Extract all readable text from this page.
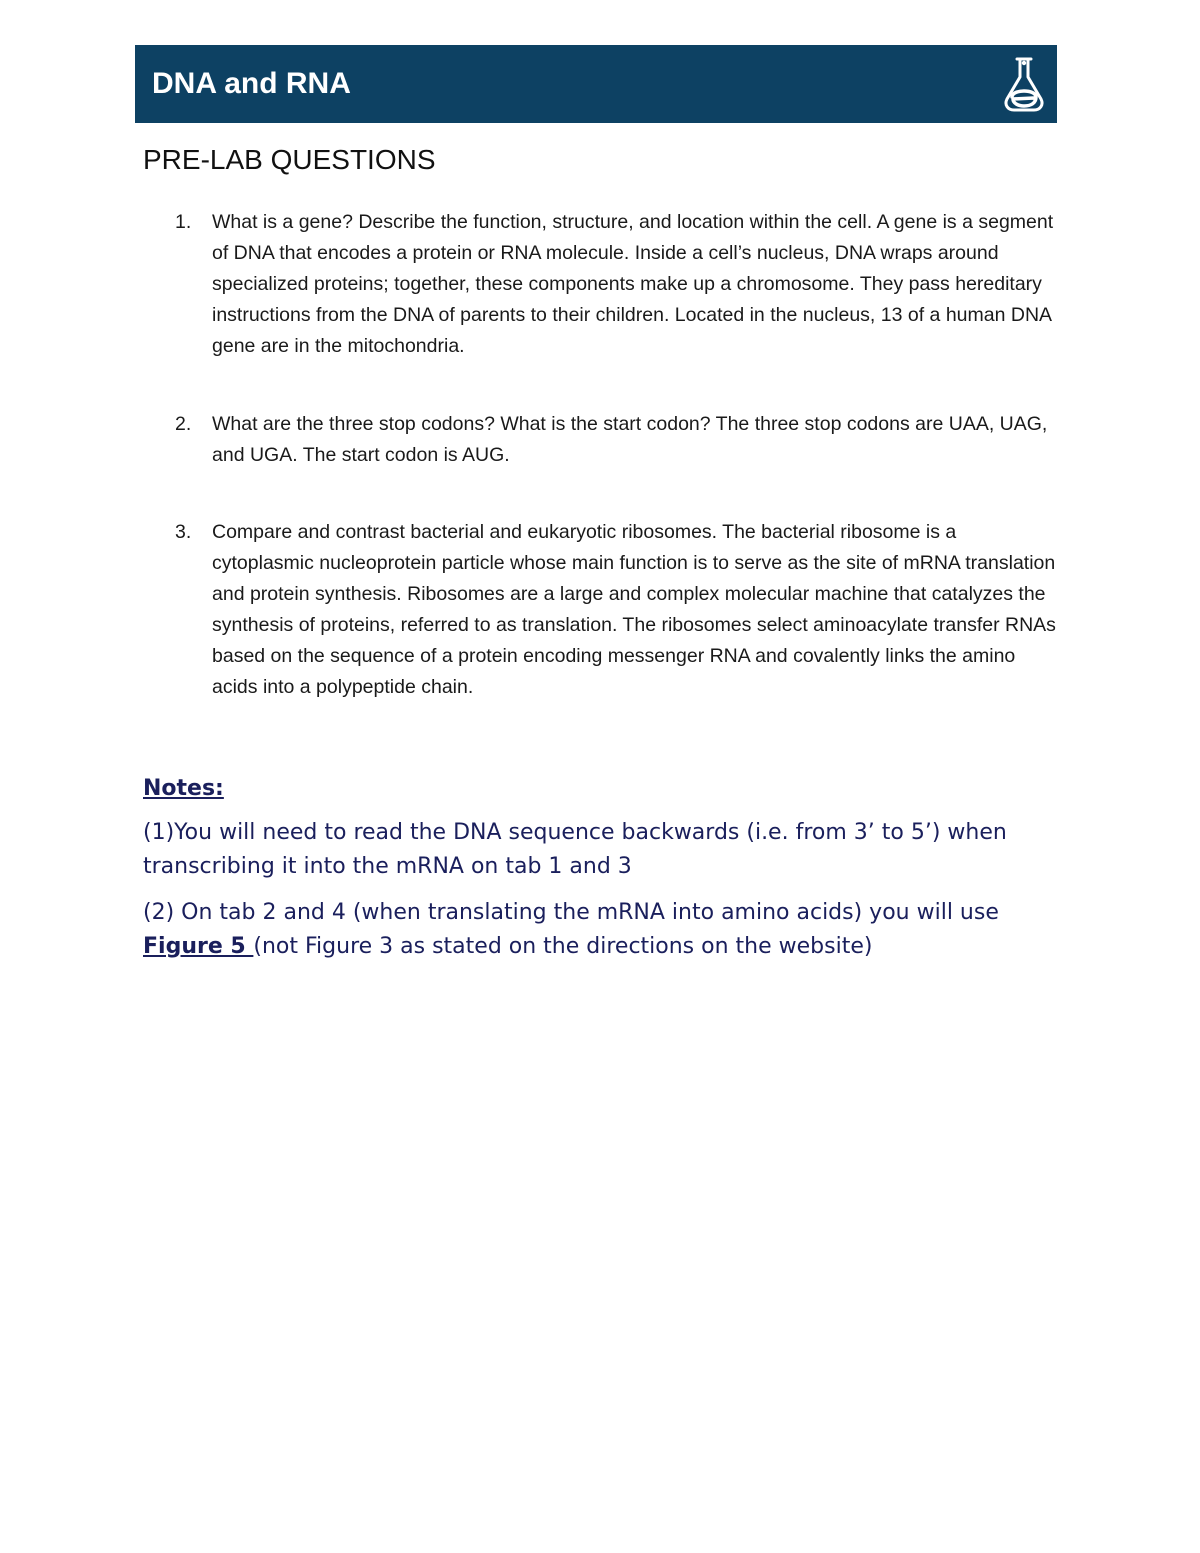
DNA and RNA
PRE-LAB QUESTIONS
1.	What is a gene? Describe the function, structure, and location within the cell. A gene is a segment of DNA that encodes a protein or RNA molecule. Inside a cell’s nucleus, DNA wraps around specialized proteins; together, these components make up a chromosome. They pass hereditary instructions from the DNA of parents to their children. Located in the nucleus, 13 of a human DNA gene are in the mitochondria.
2.	What are the three stop codons? What is the start codon? The three stop codons are UAA, UAG, and UGA. The start codon is AUG.
3.	Compare and contrast bacterial and eukaryotic ribosomes. The bacterial ribosome is a cytoplasmic nucleoprotein particle whose main function is to serve as the site of mRNA translation and protein synthesis. Ribosomes are a large and complex molecular machine that catalyzes the synthesis of proteins, referred to as translation. The ribosomes select aminoacylate transfer RNAs based on the sequence of a protein encoding messenger RNA and covalently links the amino acids into a polypeptide chain.

Notes:

(1)You will need to read the DNA sequence backwards (i.e. from 3’ to 5’) whentranscribing it into the mRNA on tab 1 and 3

(2) On tab 2 and 4 (when translating the mRNA into amino acids) you will use Figure 5 (not Figure 3 as stated on the directions on the website)
